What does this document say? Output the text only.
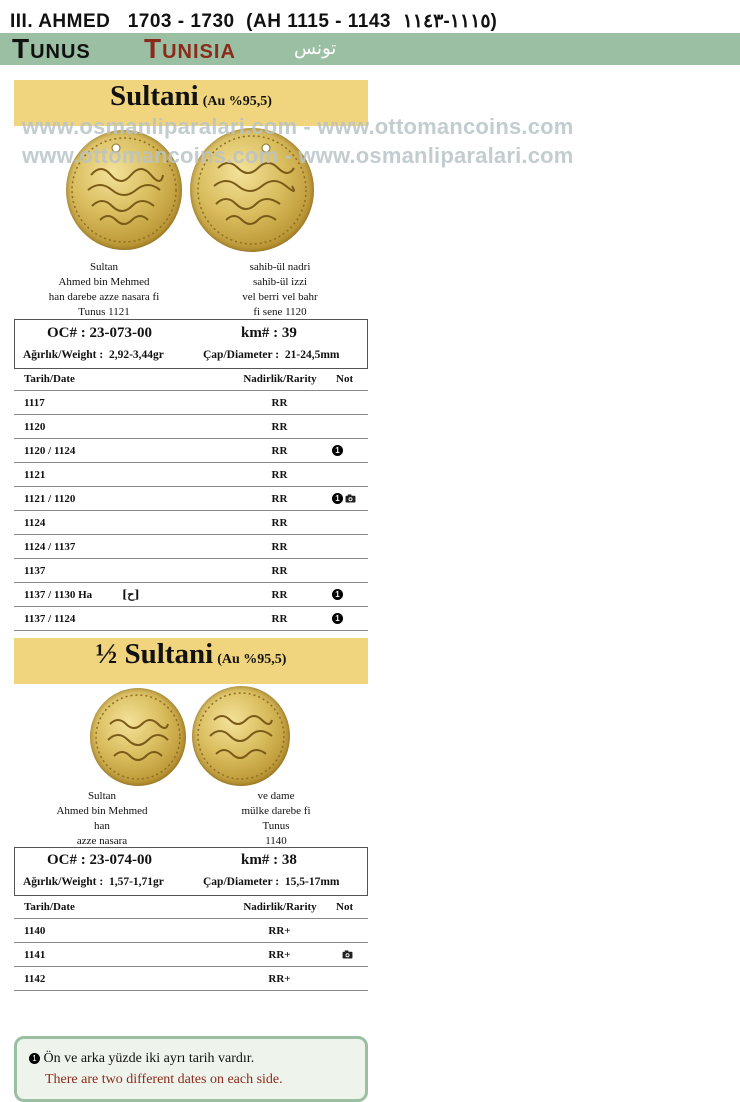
III. AHMED   1703 - 1730  (AH 1115 - 1143  ١١١٥-١١٤٣)
Tunus Tunisia	تونس
Sultani (Au %95,5)
www.osmanliparalari.com - www.ottomancoins.com
www.ottomancoins.com - www.osmanliparalari.com
Sultan
Ahmed bin Mehmed
han darebe azze nasara fi
Tunus 1121
sahib-ül nadri
sahib-ül izzi
vel berri vel bahr
fi sene 1120
OC# : 23-073-00	km# : 39
Ağırlık/Weight : 2,92-3,44gr	Çap/Diameter : 21-24,5mm
Tarih/Date	Nadirlik/Rarity Not
1117	RR
1120	RR
1120 / 1124	RR	1
1121	RR
1121 / 1120	RR	1
1124	RR
1124 / 1137	RR
1137	RR
1137 / 1130 Ha	[ح]	RR	1
1137 / 1124	RR	1
½ Sultani (Au %95,5)
Sultan
Ahmed bin Mehmed
han
azze nasara
ve dame
mülke darebe fi
Tunus
1140
OC# : 23-074-00	km# : 38
Ağırlık/Weight : 1,57-1,71gr	Çap/Diameter : 15,5-17mm
Tarih/Date	Nadirlik/Rarity Not
1140	RR+
1141	RR+
1142	RR+
1 Ön ve arka yüzde iki ayrı tarih vardır.
There are two different dates on each side.
